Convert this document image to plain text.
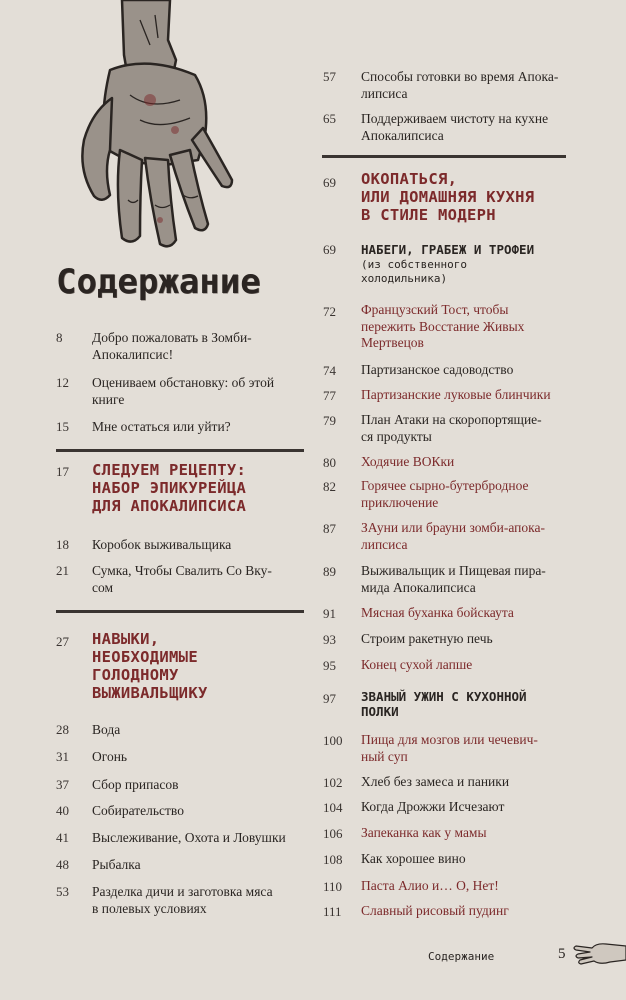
Содержание
8 Добро пожаловать в Зомби-
Апокалипсис!
12 Оцениваем обстановку: об этой
книге
15 Мне остаться или уйти?
17 СЛЕДУЕМ РЕЦЕПТУ:
НАБОР ЭПИКУРЕЙЦА
ДЛЯ АПОКАЛИПСИСА
18 Коробок выживальщика
21 Сумка, Чтобы Свалить Со Вку-
сом
27 НАВЫКИ,
НЕОБХОДИМЫЕ
ГОЛОДНОМУ
ВЫЖИВАЛЬЩИКУ
28 Вода
31 Огонь
37 Сбор припасов
40 Собирательство
41 Выслеживание, Охота и Ловушки
48 Рыбалка
53 Разделка дичи и заготовка мяса
в полевых условиях
57 Способы готовки во время Апока-
липсиса
65 Поддерживаем чистоту на кухне
Апокалипсиса
69 ОКОПАТЬСЯ,
ИЛИ ДОМАШНЯЯ КУХНЯ
В СТИЛЕ МОДЕРН
69 НАБЕГИ, ГРАБЕЖ И ТРОФЕИ
(из собственного
холодильника)
72 Французский Тост, чтобы
пережить Восстание Живых
Мертвецов
74 Партизанское садоводство
77 Партизанские луковые блинчики
79 План Атаки на скоропортящие-
ся продукты
80 Ходячие ВОКки
82 Горячее сырно-бутербродное
приключение
87 ЗАуни или брауни зомби-апока-
липсиса
89 Выживальщик и Пищевая пира-
мида Апокалипсиса
91 Мясная буханка бойскаута
93 Строим ракетную печь
95 Конец сухой лапше
97 ЗВАНЫЙ УЖИН С КУХОННОЙ
ПОЛКИ
100 Пища для мозгов или чечевич-
ный суп
102 Хлеб без замеса и паники
104 Когда Дрожжи Исчезают
106 Запеканка как у мамы
108 Как хорошее вино
110 Паста Алио и… О, Нет!
111 Славный рисовый пудинг
Содержание	5
